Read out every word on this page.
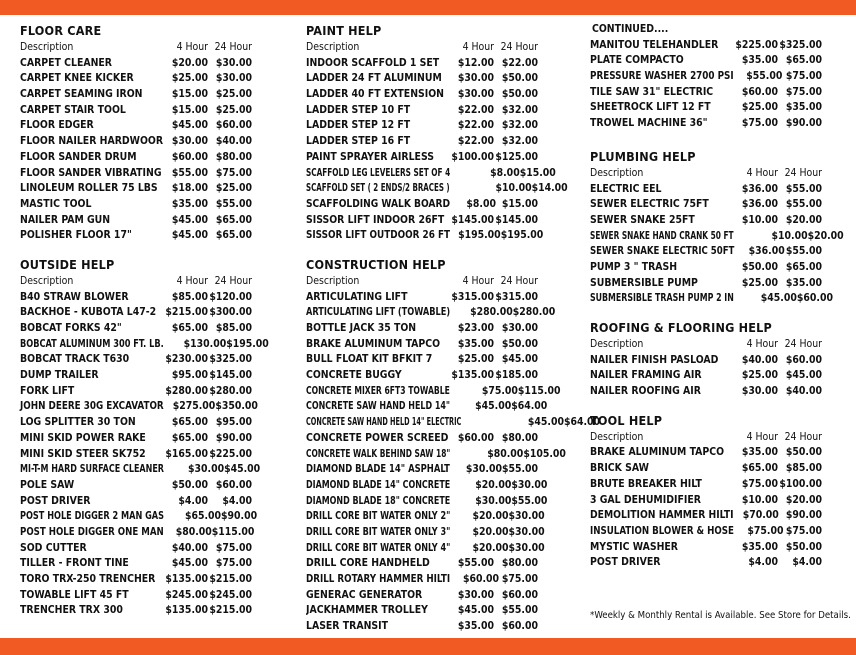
FLOOR CARE
Description	4 Hour 24 Hour
CARPET CLEANER	$20.00 $30.00
CARPET KNEE KICKER	$25.00 $30.00
CARPET SEAMING IRON	$15.00 $25.00
CARPET STAIR TOOL	$15.00 $25.00
FLOOR EDGER	$45.00 $60.00
FLOOR NAILER HARDWOOR $30.00 $40.00
FLOOR SANDER DRUM	$60.00 $80.00
FLOOR SANDER VIBRATING	$55.00 $75.00
LINOLEUM ROLLER 75 LBS	$18.00 $25.00
MASTIC TOOL	$35.00 $55.00
NAILER PAM GUN	$45.00 $65.00
POLISHER FLOOR 17"	$45.00 $65.00
OUTSIDE HELP
Description	4 Hour 24 Hour
B40 STRAW BLOWER	$85.00 $120.00
BACKHOE - KUBOTA L47-2 $215.00 $300.00
BOBCAT FORKS 42"	$65.00 $85.00
BOBCAT ALUMINUM 300 FT. LB. $130.00 $195.00
BOBCAT TRACK T630	$230.00 $325.00
DUMP TRAILER	$95.00 $145.00
FORK LIFT	$280.00 $280.00
JOHN DEERE 30G EXCAVATOR $275.00 $350.00
LOG SPLITTER 30 TON	$65.00 $95.00
MINI SKID POWER RAKE	$65.00 $90.00
MINI SKID STEER SK752	$165.00 $225.00
MI-T-M HARD SURFACE CLEANER $30.00 $45.00
POLE SAW	$50.00 $60.00
POST DRIVER	$4.00	$4.00
POST HOLE DIGGER 2 MAN GAS $65.00 $90.00
POST HOLE DIGGER ONE MAN $80.00 $115.00
SOD CUTTER	$40.00 $75.00
TILLER - FRONT TINE	$45.00 $75.00
TORO TRX-250 TRENCHER $135.00 $215.00
TOWABLE LIFT 45 FT	$245.00 $245.00
TRENCHER TRX 300	$135.00 $215.00
PAINT HELP
Description	4 Hour 24 Hour
INDOOR SCAFFOLD 1 SET	$12.00 $22.00
LADDER 24 FT ALUMINUM	$30.00 $50.00
LADDER 40 FT EXTENSION	$30.00 $50.00
LADDER STEP 10 FT	$22.00 $32.00
LADDER STEP 12 FT	$22.00 $32.00
LADDER STEP 16 FT	$22.00 $32.00
PAINT SPRAYER AIRLESS	$100.00 $125.00
SCAFFOLD LEG LEVELERS SET OF 4	$8.00 $15.00
SCAFFOLD SET ( 2 ENDS/2 BRACES )	$10.00 $14.00
SCAFFOLDING WALK BOARD	$8.00 $15.00
SISSOR LIFT INDOOR 26FT $145.00 $145.00
SISSOR LIFT OUTDOOR 26 FT $195.00 $195.00
CONSTRUCTION HELP
Description	4 Hour 24 Hour
ARTICULATING LIFT	$315.00 $315.00
ARTICULATING LIFT (TOWABLE) $280.00 $280.00
BOTTLE JACK 35 TON	$23.00 $30.00
BRAKE ALUMINUM TAPCO	$35.00 $50.00
BULL FLOAT KIT BFKIT 7	$25.00 $45.00
CONCRETE BUGGY	$135.00 $185.00
CONCRETE MIXER 6FT3 TOWABLE	$75.00 $115.00
CONCRETE SAW HAND HELD 14" $45.00 $64.00
CONCRETE SAW HAND HELD 14" ELECTRIC	$45.00 $64.00
CONCRETE POWER SCREED $60.00 $80.00
CONCRETE WALK BEHIND SAW 18"	$80.00 $105.00
DIAMOND BLADE 14" ASPHALT $30.00 $55.00
DIAMOND BLADE 14" CONCRETE $20.00 $30.00
DIAMOND BLADE 18" CONCRETE $30.00 $55.00
DRILL CORE BIT WATER ONLY 2" $20.00 $30.00
DRILL CORE BIT WATER ONLY 3" $20.00 $30.00
DRILL CORE BIT WATER ONLY 4" $20.00 $30.00
DRILL CORE HANDHELD	$55.00 $80.00
DRILL ROTARY HAMMER HILTI $60.00 $75.00
GENERAC GENERATOR	$30.00 $60.00
JACKHAMMER TROLLEY	$45.00 $55.00
LASER TRANSIT	$35.00 $60.00
CONTINUED....
MANITOU TELEHANDLER	$225.00 $325.00
PLATE COMPACTO	$35.00 $65.00
PRESSURE WASHER 2700 PSI	$55.00 $75.00
TILE SAW 31" ELECTRIC	$60.00 $75.00
SHEETROCK LIFT 12 FT	$25.00 $35.00
TROWEL MACHINE 36"	$75.00 $90.00
PLUMBING HELP
Description	4 Hour 24 Hour
ELECTRIC EEL	$36.00 $55.00
SEWER ELECTRIC 75FT	$36.00 $55.00
SEWER SNAKE 25FT	$10.00 $20.00
SEWER SNAKE HAND CRANK 50 FT	$10.00 $20.00
SEWER SNAKE ELECTRIC 50FT $36.00 $55.00
PUMP 3 " TRASH	$50.00 $65.00
SUBMERSIBLE PUMP	$25.00 $35.00
SUBMERSIBLE TRASH PUMP 2 IN	$45.00 $60.00
ROOFING & FLOORING HELP
Description	4 Hour 24 Hour
NAILER FINISH PASLOAD	$40.00 $60.00
NAILER FRAMING AIR	$25.00 $45.00
NAILER ROOFING AIR	$30.00 $40.00
TOOL HELP
Description	4 Hour 24 Hour
BRAKE ALUMINUM TAPCO	$35.00 $50.00
BRICK SAW	$65.00 $85.00
BRUTE BREAKER HILT	$75.00 $100.00
3 GAL DEHUMIDIFIER	$10.00 $20.00
DEMOLITION HAMMER HILTI $70.00 $90.00
INSULATION BLOWER & HOSE $75.00 $75.00
MYSTIC WASHER	$35.00 $50.00
POST DRIVER	$4.00	$4.00
*Weekly & Monthly Rental is Available. See Store for Details.
